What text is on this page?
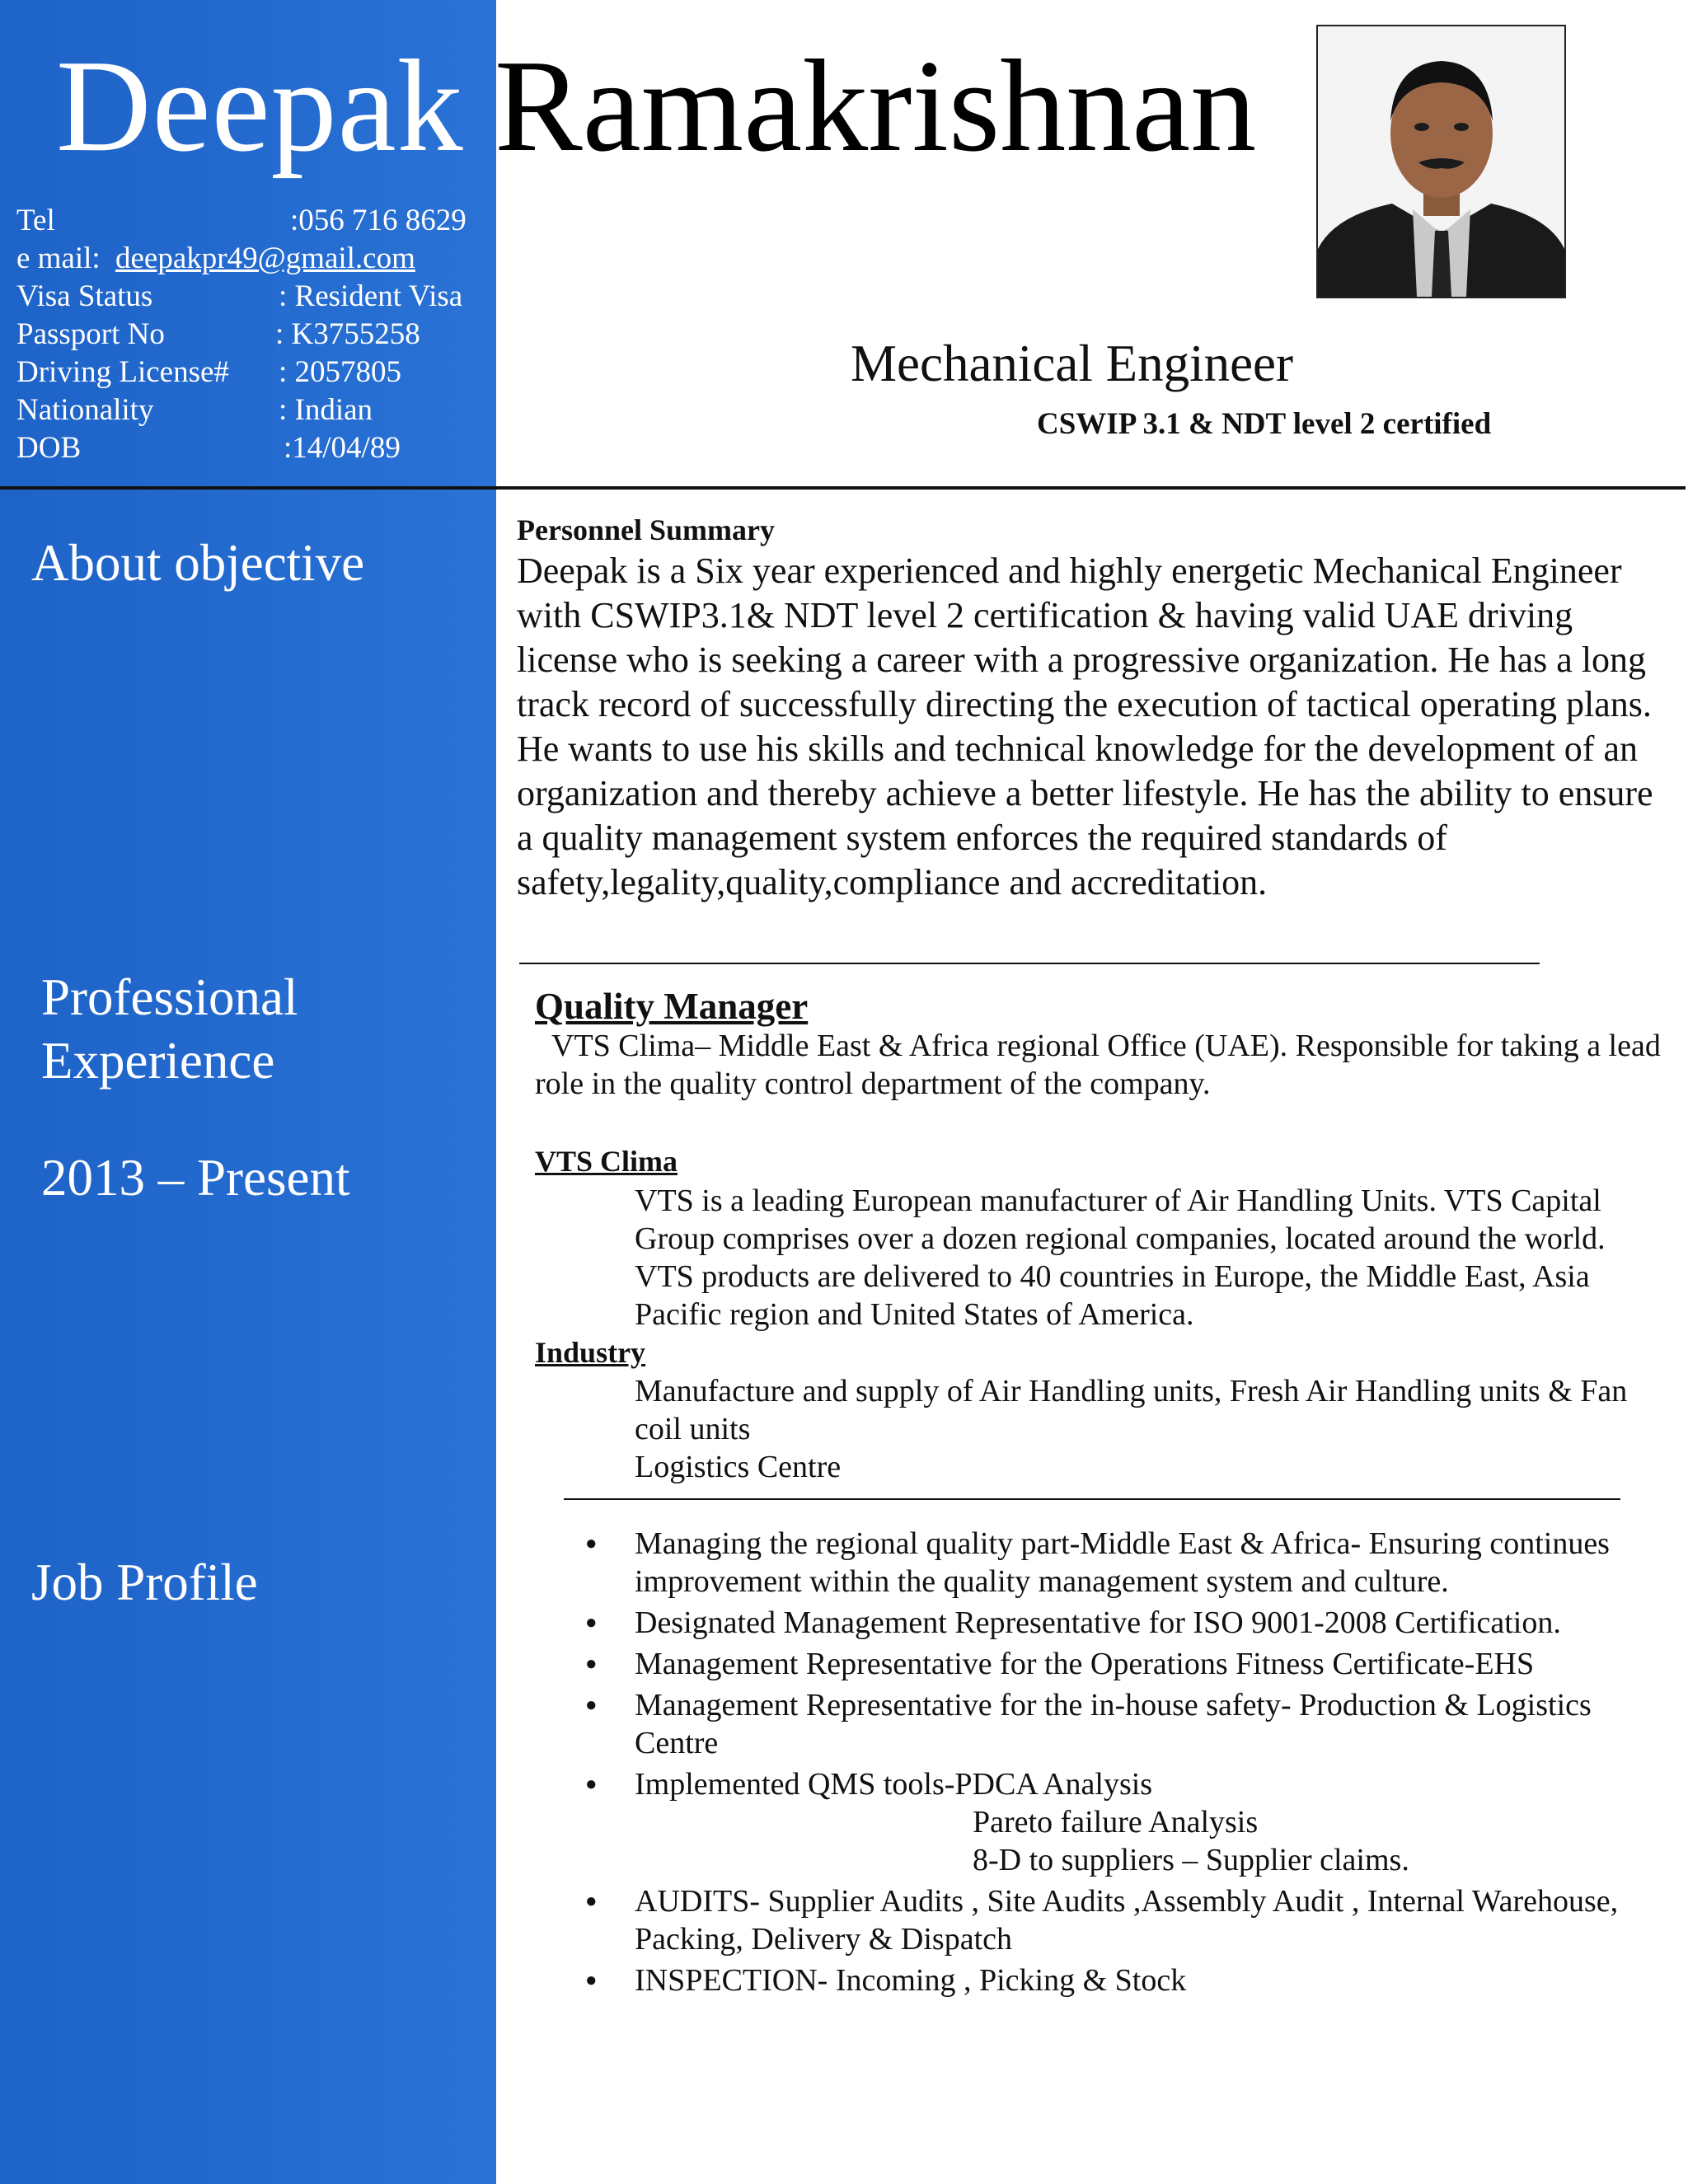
Deepak Ramakrishnan
Tel	:056 716 8629
e mail: deepakpr49@gmail.com
Visa Status	: Resident Visa
Passport No	: K3755258
Driving License# : 2057805
Nationality	: Indian
DOB	:14/04/89
Mechanical Engineer
CSWIP 3.1 & NDT level 2 certified
About objective
Professional
Experience
2013 – Present
Job Profile
Personnel Summary
Deepak is a Six year experienced and highly energetic Mechanical Engineer with CSWIP3.1& NDT level 2 certification & having valid UAE driving license who is seeking a career with a progressive organization. He has a long track record of successfully directing the execution of tactical operating plans. He wants to use his skills and technical knowledge for the development of an organization and thereby achieve a better lifestyle. He has the ability to ensure a quality management system enforces the required standards of safety,legality,quality,compliance and accreditation.
Quality Manager
VTS Clima– Middle East & Africa regional Office (UAE). Responsible for taking a lead role in the quality control department of the company.
VTS Clima
VTS is a leading European manufacturer of Air Handling Units. VTS Capital Group comprises over a dozen regional companies, located around the world. VTS products are delivered to 40 countries in Europe, the Middle East, Asia Pacific region and United States of America.
Industry
Manufacture and supply of Air Handling units, Fresh Air Handling units & Fan coil units
Logistics Centre
● Managing the regional quality part-Middle East & Africa- Ensuring continues improvement within the quality management system and culture.
● Designated Management Representative for ISO 9001-2008 Certification.
● Management Representative for the Operations Fitness Certificate-EHS
● Management Representative for the in-house safety- Production & Logistics Centre
● Implemented QMS tools-PDCA Analysis
Pareto failure Analysis
8-D to suppliers – Supplier claims.
● AUDITS- Supplier Audits , Site Audits ,Assembly Audit , Internal Warehouse, Packing, Delivery & Dispatch
● INSPECTION- Incoming , Picking & Stock
